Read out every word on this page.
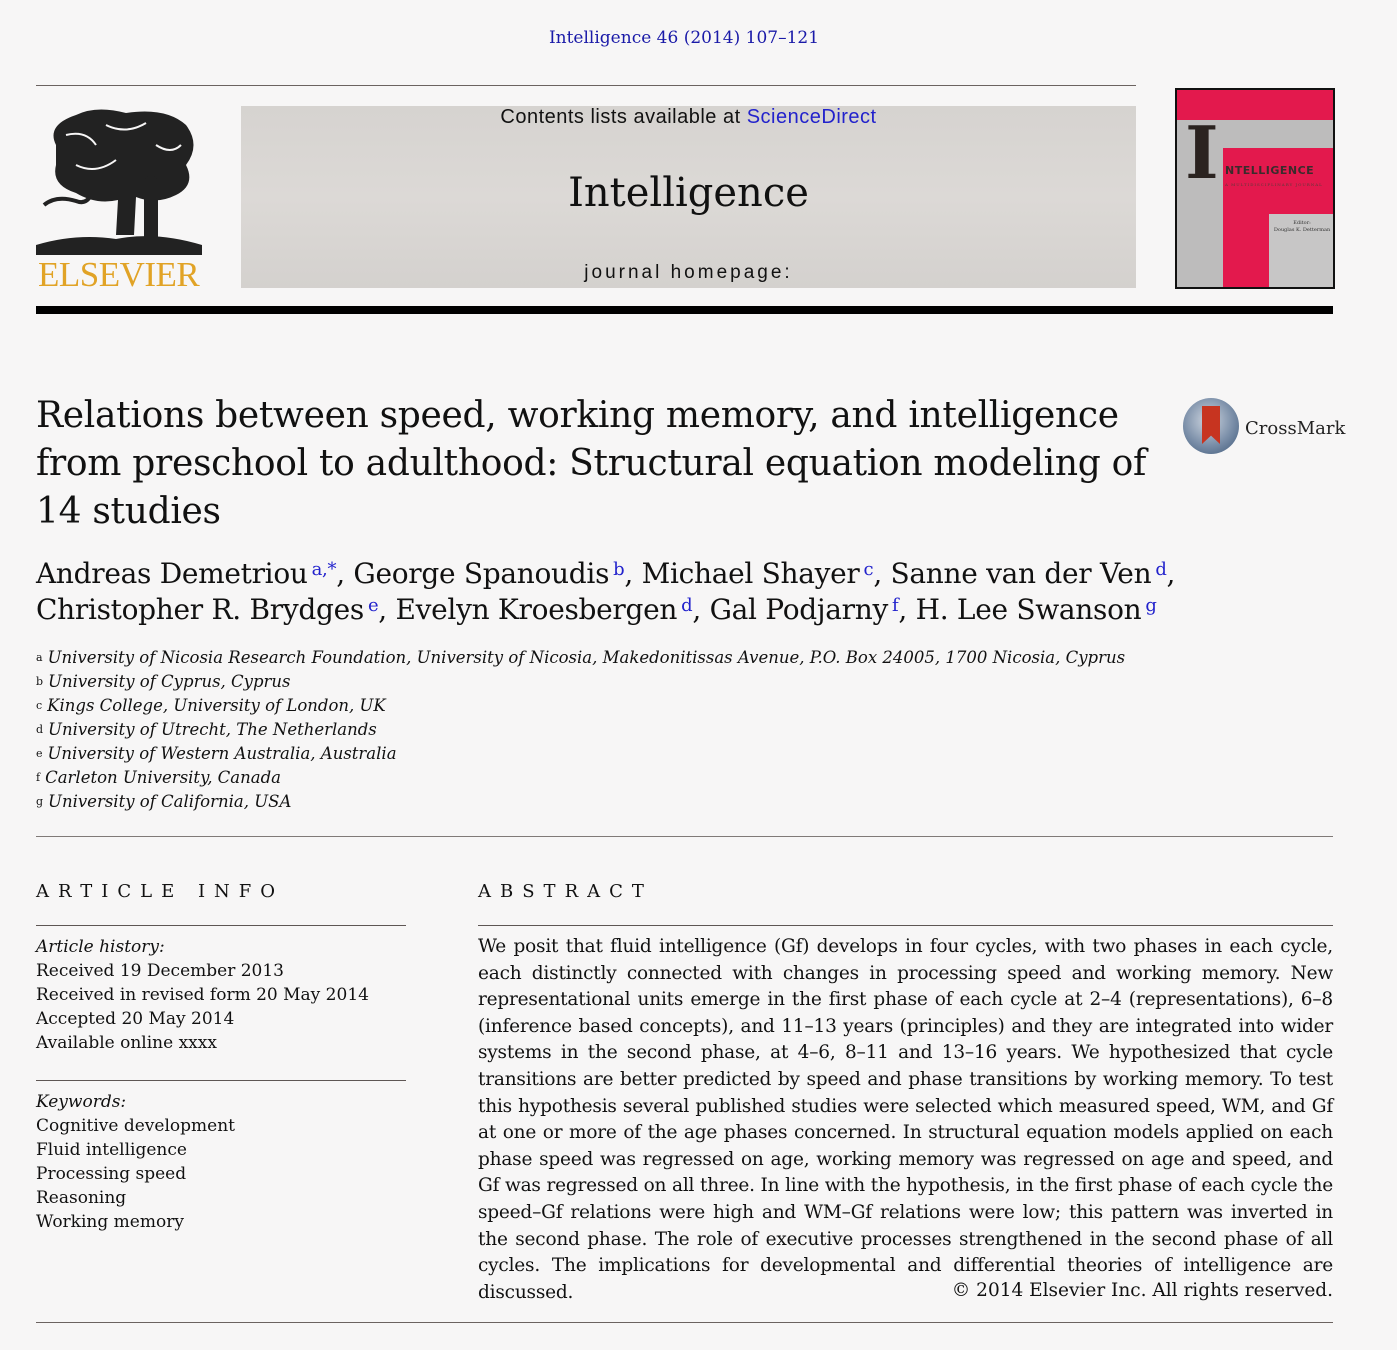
Intelligence 46 (2014) 107–121
ELSEVIER
Contents lists available at ScienceDirect
Intelligence
journal homepage:
I NTELLIGENCE
A MULTIDISCIPLINARY JOURNAL
Editor:
Douglas K. Detterman
Relations between speed, working memory, and intelligence from preschool to adulthood: Structural equation modeling of 14 studies
CrossMark
Andreas Demetriou $^{a,*}$, George Spanoudis $^b$, Michael Shayer $^c$, Sanne van der Ven $^d$,
Christopher R. Brydges $^e$, Evelyn Kroesbergen $^d$, Gal Podjarny $^f$, H. Lee Swanson $^g$
$^a$ University of Nicosia Research Foundation, University of Nicosia, Makedonitissas Avenue, P.O. Box 24005, 1700 Nicosia, Cyprus
$^b$ University of Cyprus, Cyprus
$^c$ Kings College, University of London, UK
$^d$ University of Utrecht, The Netherlands
$^e$ University of Western Australia, Australia
$^f$ Carleton University, Canada
$^g$ University of California, USA
ARTICLE INFO	ABSTRACT
Article history:
Received 19 December 2013
Received in revised form 20 May 2014
Accepted 20 May 2014
Available online xxxx
Keywords:
Cognitive development
Fluid intelligence
Processing speed
Reasoning
Working memory
We posit that fluid intelligence (Gf) develops in four cycles, with two phases in each cycle, each distinctly connected with changes in processing speed and working memory. New representational units emerge in the first phase of each cycle at 2–4 (representations), 6–8 (inference based concepts), and 11–13 years (principles) and they are integrated into wider systems in the second phase, at 4–6, 8–11 and 13–16 years. We hypothesized that cycle transitions are better predicted by speed and phase transitions by working memory. To test this hypothesis several published studies were selected which measured speed, WM, and Gf at one or more of the age phases concerned. In structural equation models applied on each phase speed was regressed on age, working memory was regressed on age and speed, and Gf was regressed on all three. In line with the hypothesis, in the first phase of each cycle the speed–Gf relations were high and WM–Gf relations were low; this pattern was inverted in the second phase. The role of executive processes strengthened in the second phase of all cycles. The implications for developmental and differential theories of intelligence are discussed.	© 2014 Elsevier Inc. All rights reserved.
